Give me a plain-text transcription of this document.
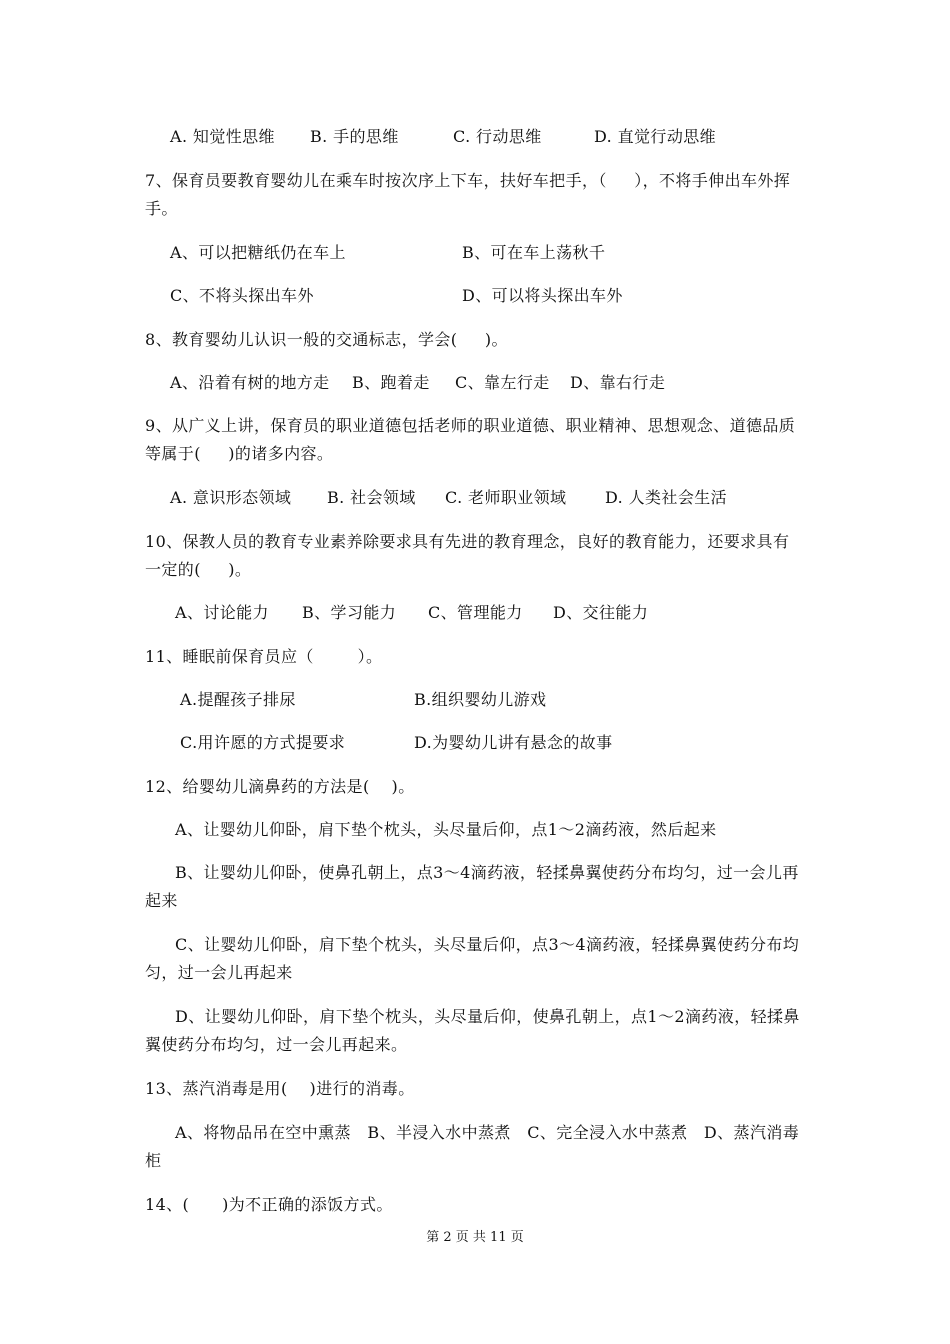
A. 知觉性思维 B. 手的思维	C. 行动思维	D. 直觉行动思维
7、保育员要教育婴幼儿在乘车时按次序上下车，扶好车把手，（     ），不将手伸出车外挥
手。
A、可以把糖纸仍在车上	B、可在车上荡秋千
C、不将头探出车外	D、可以将头探出车外
8、教育婴幼儿认识一般的交通标志，学会(     )。
A、沿着有树的地方走 B、跑着走 C、靠左行走 D、靠右行走
9、从广义上讲，保育员的职业道德包括老师的职业道德、职业精神、思想观念、道德品质
等属于(     )的诸多内容。
A. 意识形态领域 B. 社会领域 C. 老师职业领域 D. 人类社会生活
10、保教人员的教育专业素养除要求具有先进的教育理念，良好的教育能力，还要求具有
一定的(     )。
A、讨论能力 B、学习能力 C、管理能力 D、交往能力
11、睡眠前保育员应（        ）。
A.提醒孩子排尿	B.组织婴幼儿游戏
C.用许愿的方式提要求	D.为婴幼儿讲有悬念的故事
12、给婴幼儿滴鼻药的方法是(    )。
A、让婴幼儿仰卧，肩下垫个枕头，头尽量后仰，点1～2滴药液，然后起来
B、让婴幼儿仰卧，使鼻孔朝上，点3～4滴药液，轻揉鼻翼使药分布均匀，过一会儿再
起来
C、让婴幼儿仰卧，肩下垫个枕头，头尽量后仰，点3～4滴药液，轻揉鼻翼使药分布均
匀，过一会儿再起来
D、让婴幼儿仰卧，肩下垫个枕头，头尽量后仰，使鼻孔朝上，点1～2滴药液，轻揉鼻
翼使药分布均匀，过一会儿再起来。
13、蒸汽消毒是用(    )进行的消毒。
A、将物品吊在空中熏蒸   B、半浸入水中蒸煮   C、完全浸入水中蒸煮   D、蒸汽消毒
柜
14、(      )为不正确的添饭方式。
第 2 页 共 11 页
